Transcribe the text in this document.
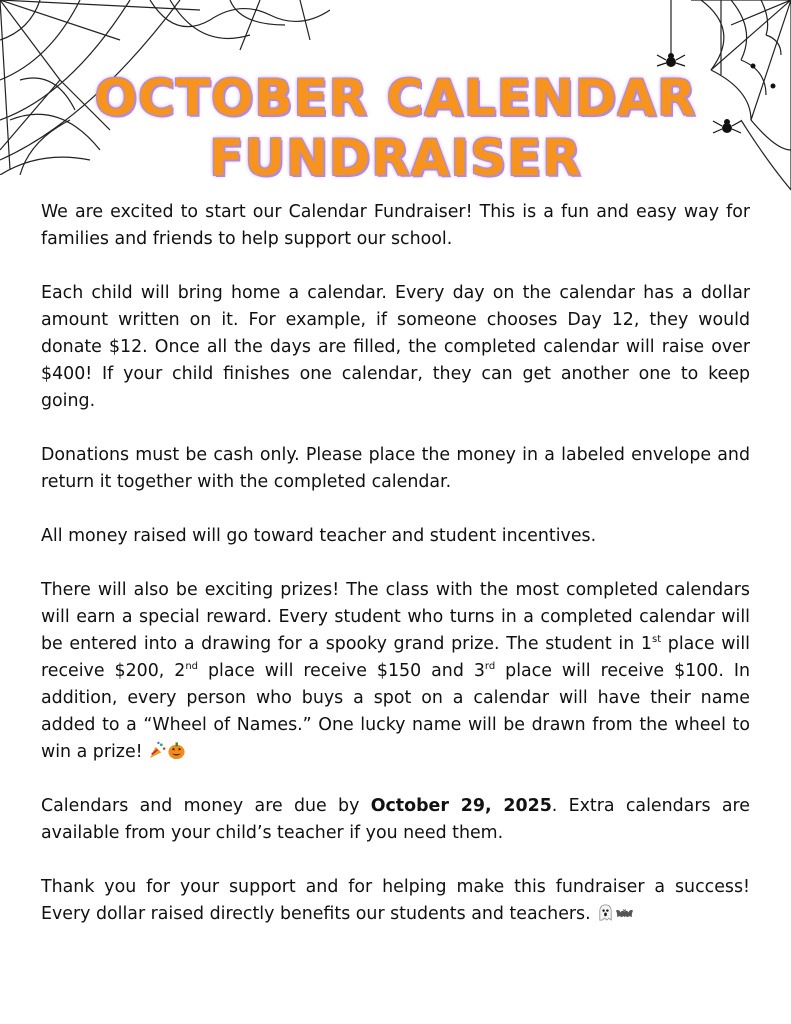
OCTOBER CALENDAR
FUNDRAISER

We are excited to start our Calendar Fundraiser! This is a fun and easy way for families and friends to help support our school.

Each child will bring home a calendar. Every day on the calendar has a dollar amount written on it. For example, if someone chooses Day 12, they would donate $12. Once all the days are filled, the completed calendar will raise over $400! If your child finishes one calendar, they can get another one to keep going.

Donations must be cash only. Please place the money in a labeled envelope and return it together with the completed calendar.

All money raised will go toward teacher and student incentives.

There will also be exciting prizes! The class with the most completed calendars will earn a special reward. Every student who turns in a completed calendar will be entered into a drawing for a spooky grand prize. The student in 1st place will receive $200, 2nd place will receive $150 and 3rd place will receive $100. In addition, every person who buys a spot on a calendar will have their name added to a “Wheel of Names.” One lucky name will be drawn from the wheel to win a prize!

Calendars and money are due by October 29, 2025. Extra calendars are available from your child’s teacher if you need them.

Thank you for your support and for helping make this fundraiser a success! Every dollar raised directly benefits our students and teachers.
